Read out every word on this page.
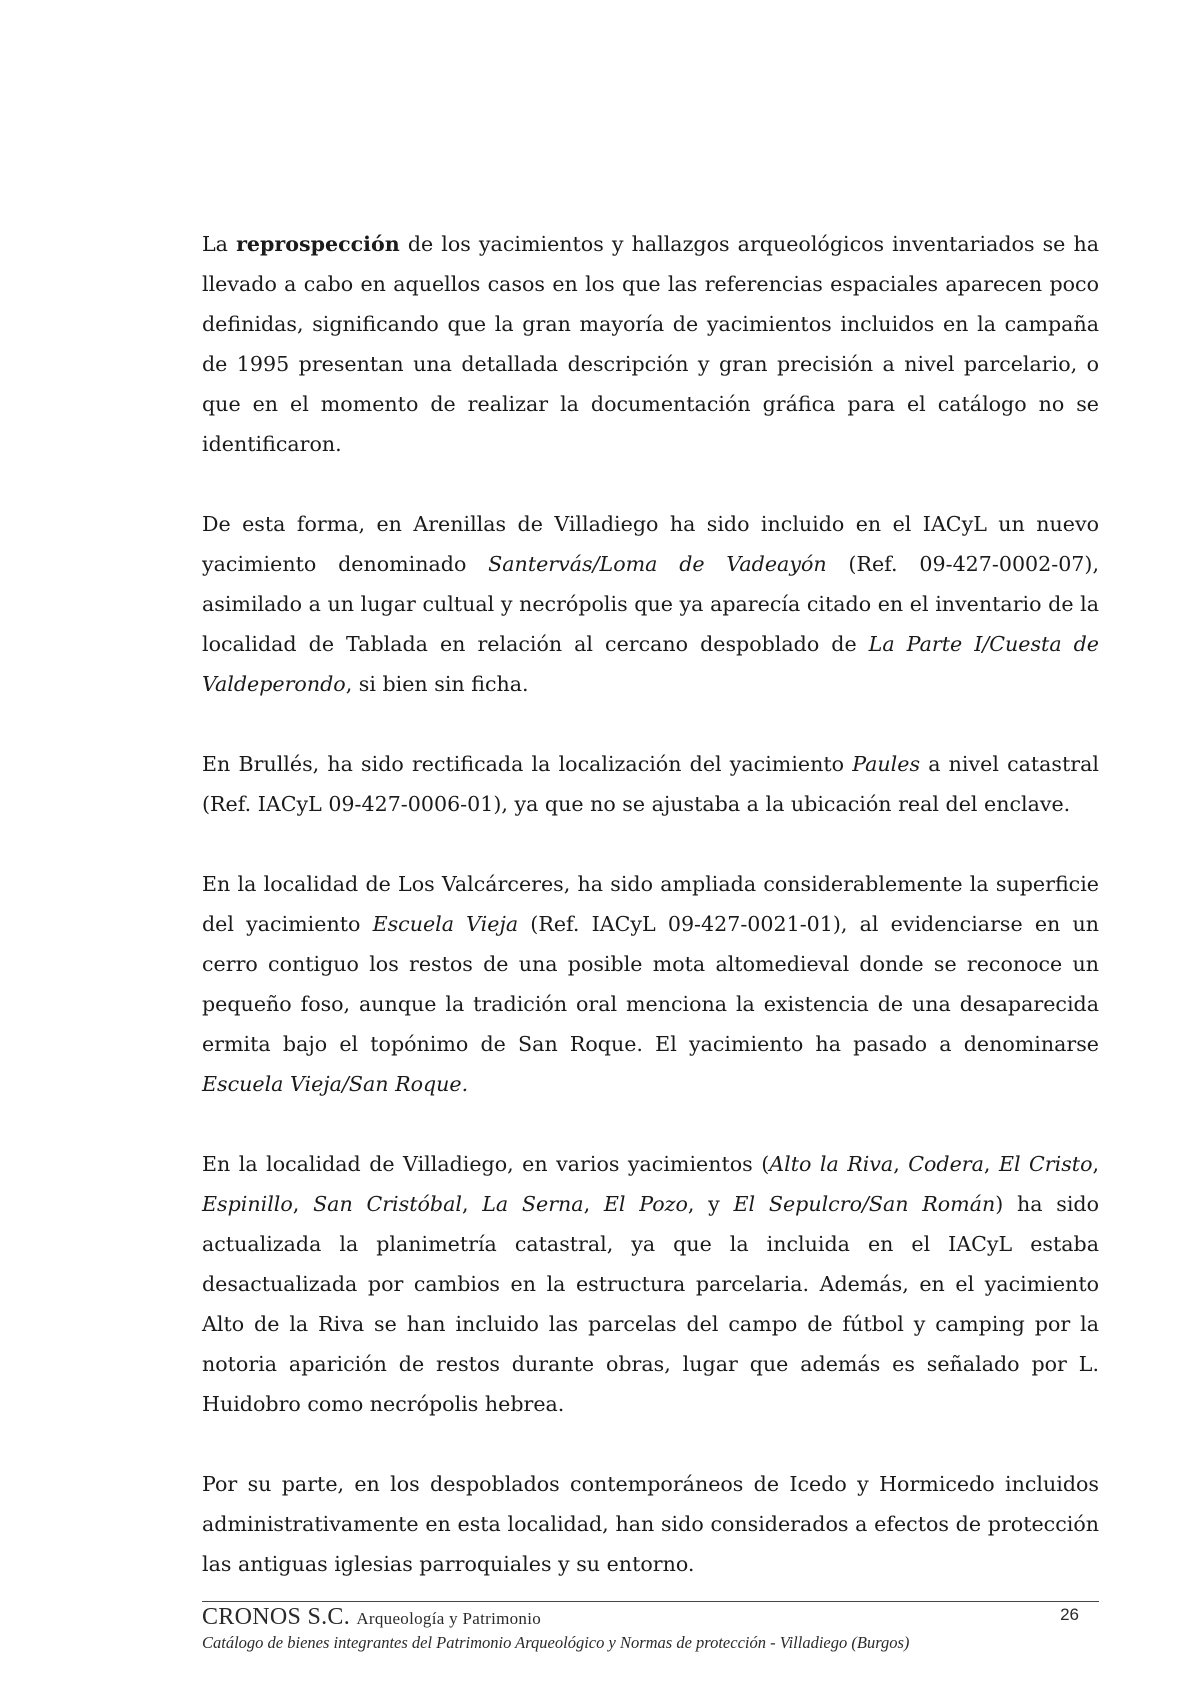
La reprospección de los yacimientos y hallazgos arqueológicos inventariados se ha llevado a cabo en aquellos casos en los que las referencias espaciales aparecen poco definidas, significando que la gran mayoría de yacimientos incluidos en la campaña de 1995 presentan una detallada descripción y gran precisión a nivel parcelario, o que en el momento de realizar la documentación gráfica para el catálogo no se identificaron.

De esta forma, en Arenillas de Villadiego ha sido incluido en el IACyL un nuevo yacimiento denominado Santervás/Loma de Vadeayón (Ref. 09-427-0002-07), asimilado a un lugar cultual y necrópolis que ya aparecía citado en el inventario de la localidad de Tablada en relación al cercano despoblado de La Parte I/Cuesta de Valdeperondo, si bien sin ficha.

En Brullés, ha sido rectificada la localización del yacimiento Paules a nivel catastral (Ref. IACyL 09-427-0006-01), ya que no se ajustaba a la ubicación real del enclave.

En la localidad de Los Valcárceres, ha sido ampliada considerablemente la superficie del yacimiento Escuela Vieja (Ref. IACyL 09-427-0021-01), al evidenciarse en un cerro contiguo los restos de una posible mota altomedieval donde se reconoce un pequeño foso, aunque la tradición oral menciona la existencia de una desaparecida ermita bajo el topónimo de San Roque. El yacimiento ha pasado a denominarse Escuela Vieja/San Roque.

En la localidad de Villadiego, en varios yacimientos (Alto la Riva, Codera, El Cristo, Espinillo, San Cristóbal, La Serna, El Pozo, y El Sepulcro/San Román) ha sido actualizada la planimetría catastral, ya que la incluida en el IACyL estaba desactualizada por cambios en la estructura parcelaria. Además, en el yacimiento Alto de la Riva se han incluido las parcelas del campo de fútbol y camping por la notoria aparición de restos durante obras, lugar que además es señalado por L. Huidobro como necrópolis hebrea.

Por su parte, en los despoblados contemporáneos de Icedo y Hormicedo incluidos administrativamente en esta localidad, han sido considerados a efectos de protección las antiguas iglesias parroquiales y su entorno.

CRONOS S.C. Arqueología y Patrimonio	26
Catálogo de bienes integrantes del Patrimonio Arqueológico y Normas de protección - Villadiego (Burgos)
